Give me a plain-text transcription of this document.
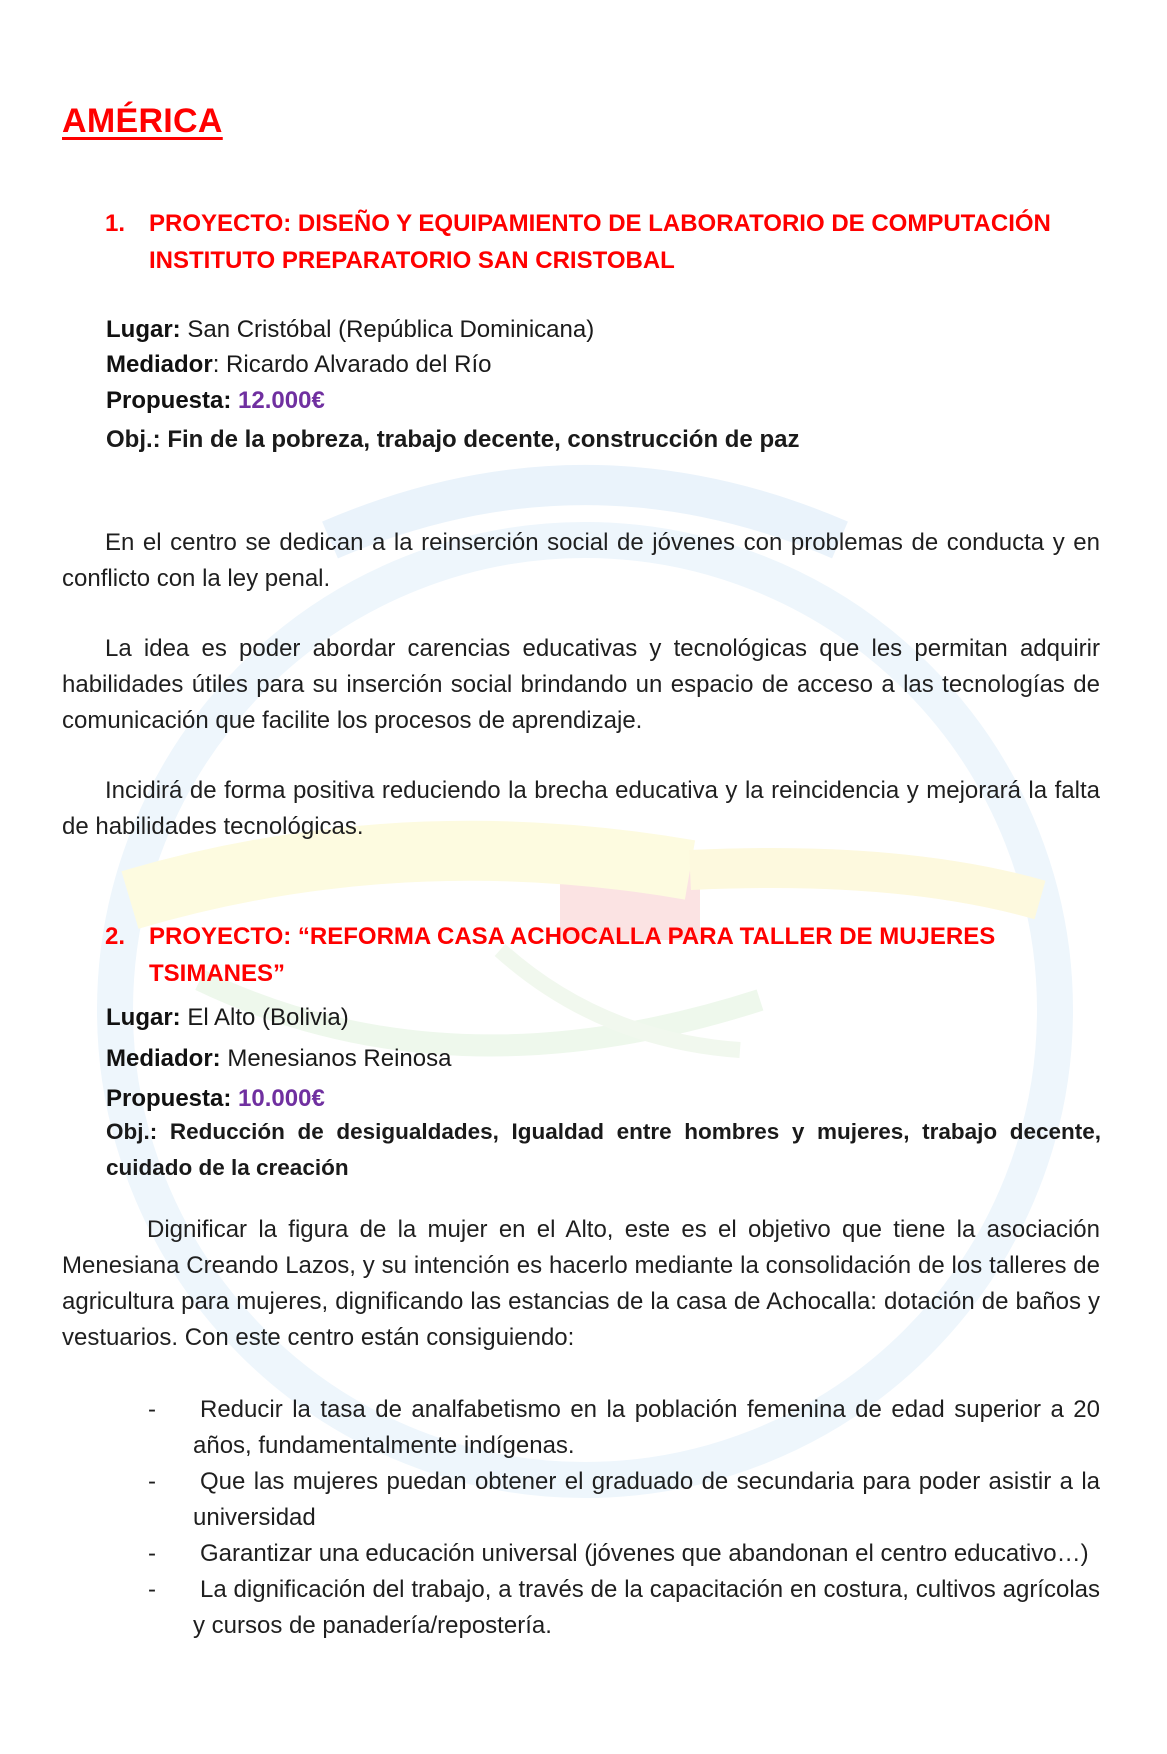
AMÉRICA
1. PROYECTO: DISEÑO Y EQUIPAMIENTO DE LABORATORIO DE COMPUTACIÓN
INSTITUTO PREPARATORIO SAN CRISTOBAL

Lugar: San Cristóbal (República Dominicana)

Mediador: Ricardo Alvarado del Río

Propuesta: 12.000€

Obj.: Fin de la pobreza, trabajo decente, construcción de paz

En el centro se dedican a la reinserción social de jóvenes con problemas de conducta y en conflicto con la ley penal.

La idea es poder abordar carencias educativas y tecnológicas que les permitan adquirir habilidades útiles para su inserción social brindando un espacio de acceso a las tecnologías de comunicación que facilite los procesos de aprendizaje.

Incidirá de forma positiva reduciendo la brecha educativa y la reincidencia y mejorará la falta de habilidades tecnológicas.

2. PROYECTO: “REFORMA CASA ACHOCALLA PARA TALLER DE MUJERES
TSIMANES”

Lugar: El Alto (Bolivia)

Mediador: Menesianos Reinosa

Propuesta: 10.000€

Obj.: Reducción de desigualdades, Igualdad entre hombres y mujeres, trabajo decente, cuidado de la creación

Dignificar la figura de la mujer en el Alto, este es el objetivo que tiene la asociación Menesiana Creando Lazos, y su intención es hacerlo mediante la consolidación de los talleres de agricultura para mujeres, dignificando las estancias de la casa de Achocalla: dotación de baños y vestuarios. Con este centro están consiguiendo:

- Reducir la tasa de analfabetismo en la población femenina de edad superior a 20 años, fundamentalmente indígenas.
- Que las mujeres puedan obtener el graduado de secundaria para poder asistir a la universidad
- Garantizar una educación universal (jóvenes que abandonan el centro educativo…)
- La dignificación del trabajo, a través de la capacitación en costura, cultivos agrícolas y cursos de panadería/repostería.
